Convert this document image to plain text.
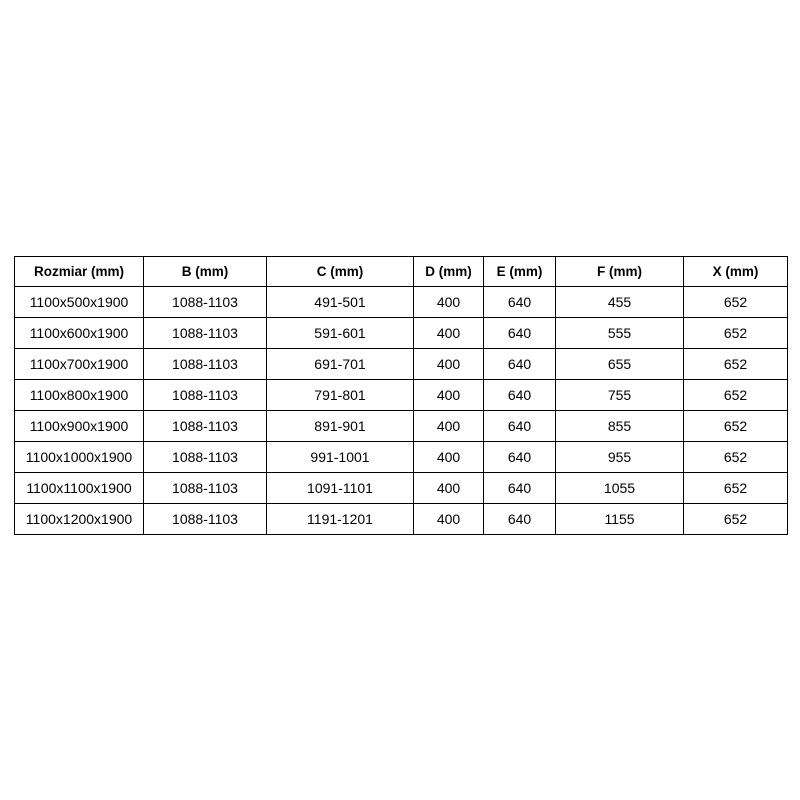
Rozmiar (mm)	B (mm)	C (mm)	D (mm)	E (mm)	F (mm)	X (mm)
1100x500x1900	1088-1103	491-501	400	640	455	652
1100x600x1900	1088-1103	591-601	400	640	555	652
1100x700x1900	1088-1103	691-701	400	640	655	652
1100x800x1900	1088-1103	791-801	400	640	755	652
1100x900x1900	1088-1103	891-901	400	640	855	652
1100x1000x1900	1088-1103	991-1001	400	640	955	652
1100x1100x1900	1088-1103	1091-1101	400	640	1055	652
1100x1200x1900	1088-1103	1191-1201	400	640	1155	652
